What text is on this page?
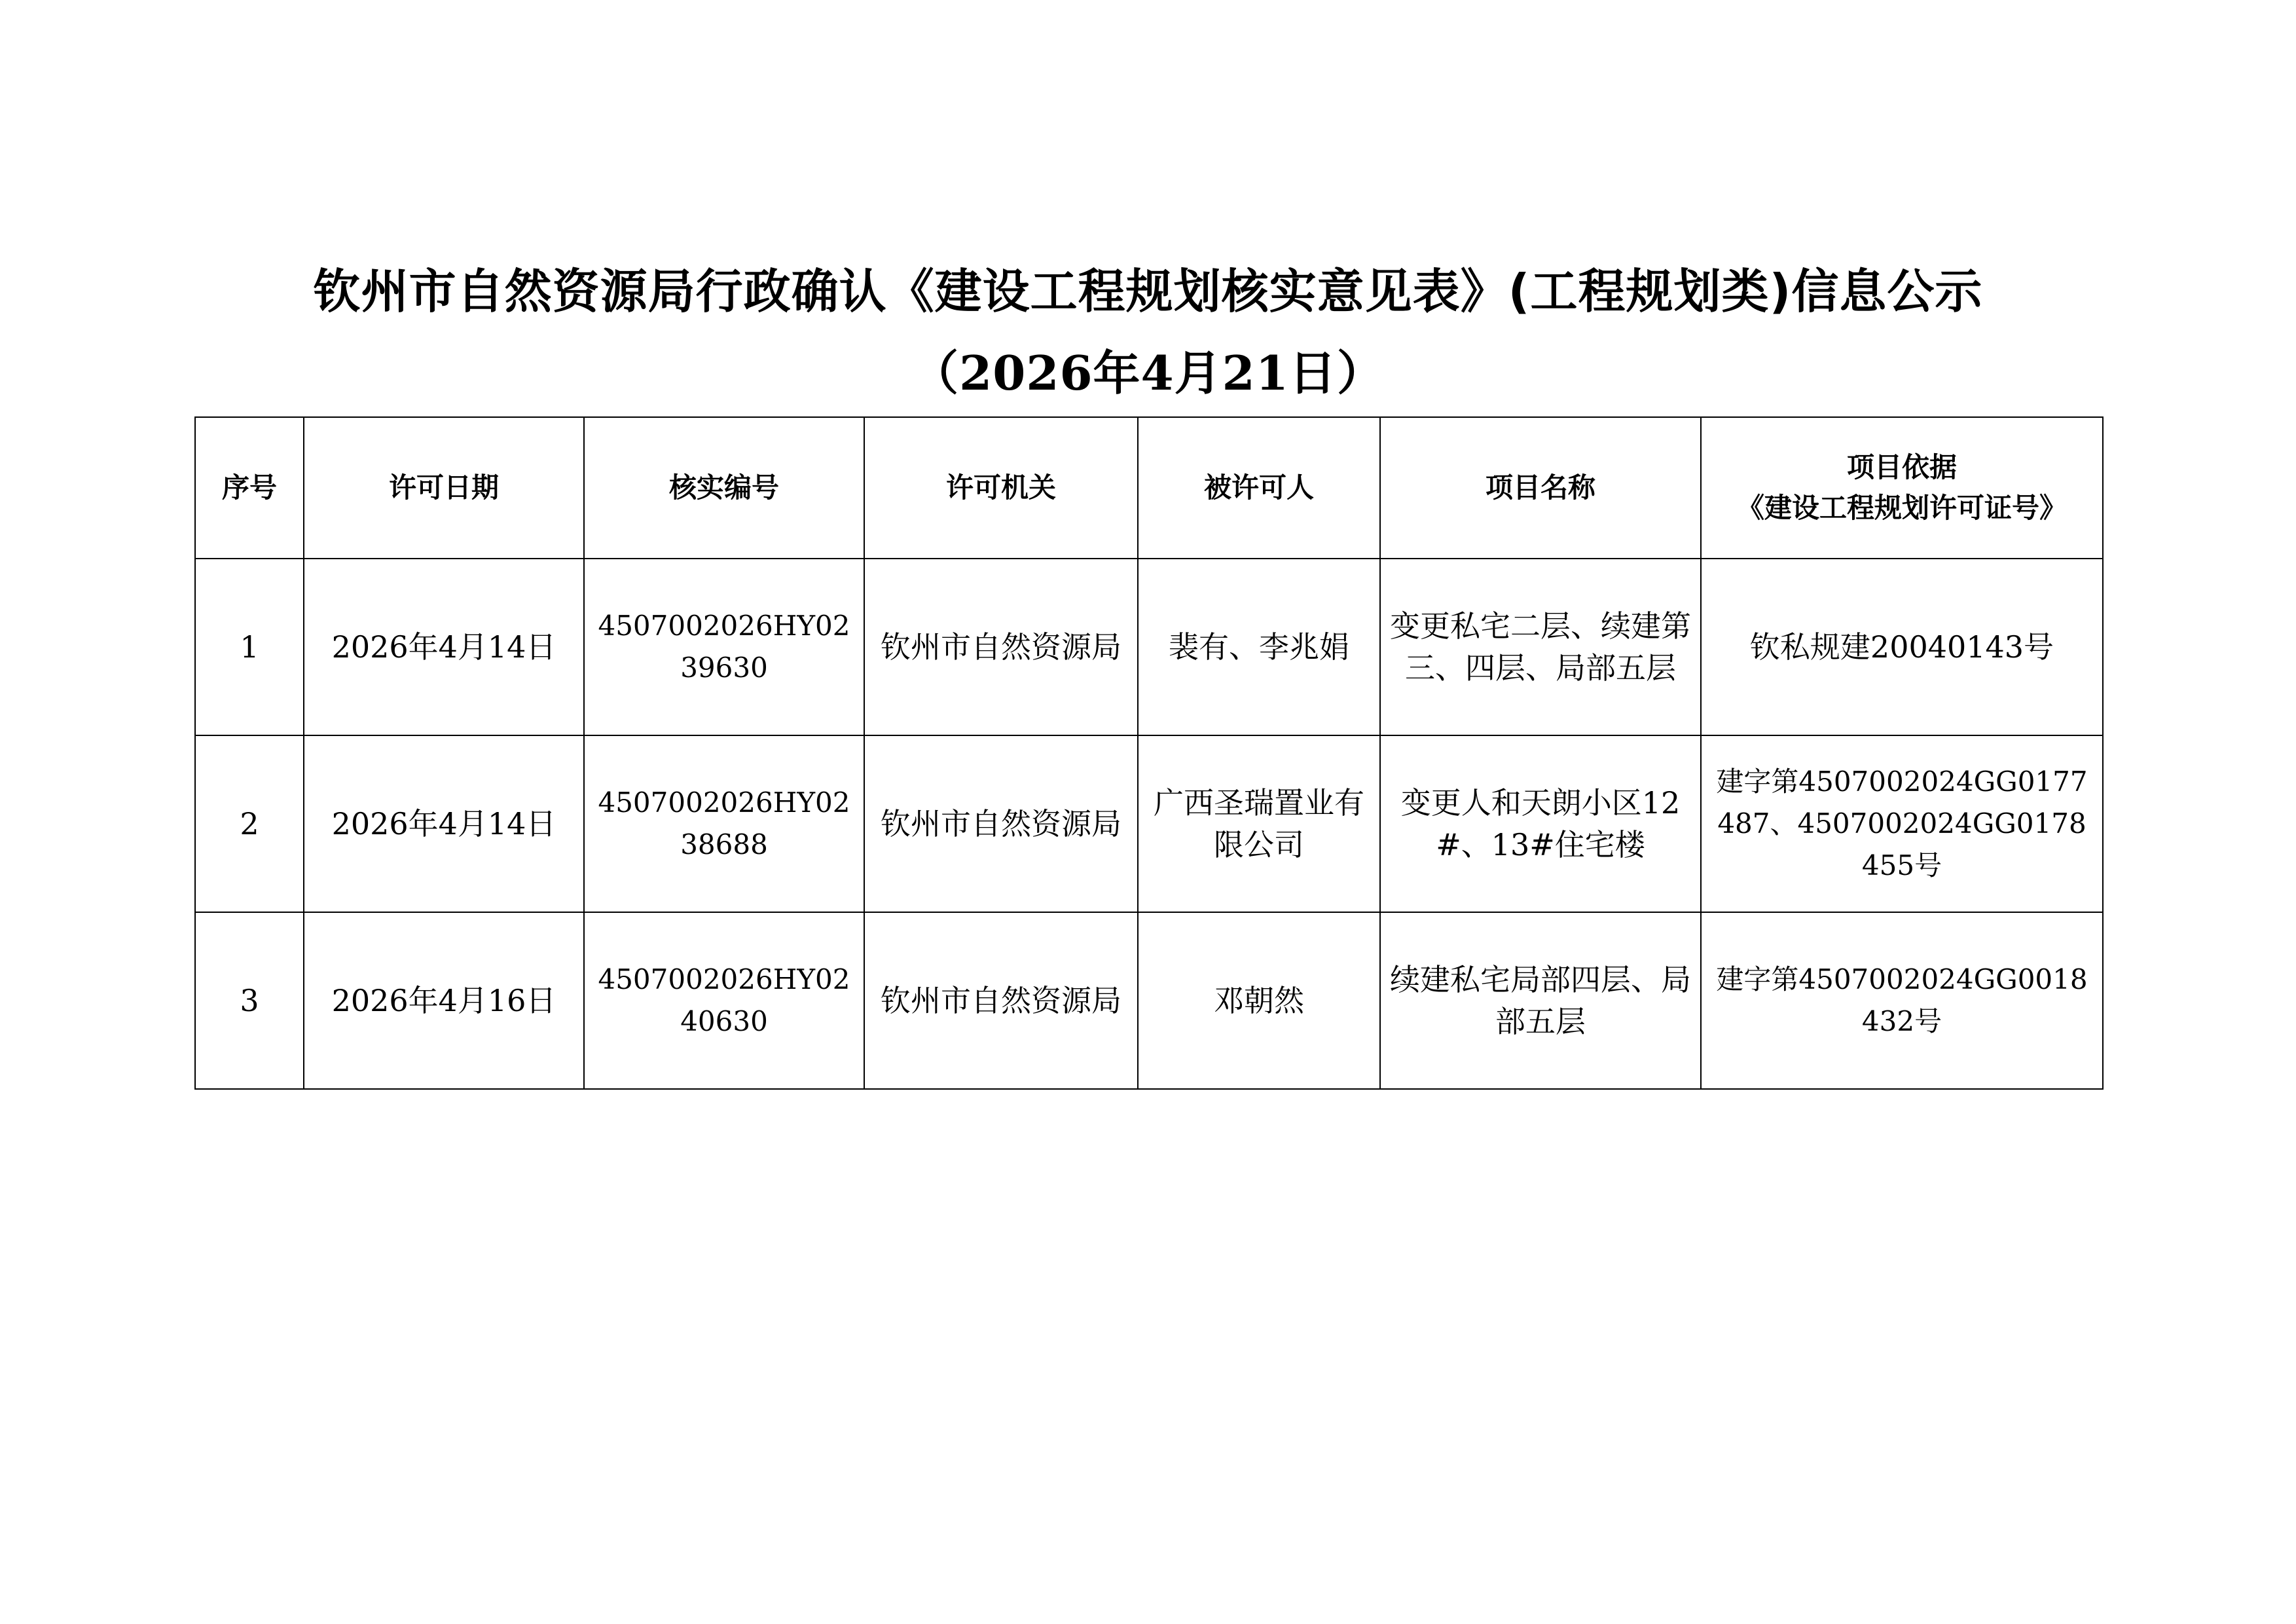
钦州市自然资源局行政确认《建设工程规划核实意见表》(工程规划类)信息公示
（2026年4月21日）
序号	许可日期	核实编号	许可机关	被许可人	项目名称	项目依据
《建设工程规划许可证号》

1	2026年4月14日	4507002026HY0239630	钦州市自然资源局	裴有、李兆娟	变更私宅二层、续建第三、四层、局部五层	钦私规建20040143号
2	2026年4月14日	4507002026HY0238688	钦州市自然资源局	广西圣瑞置业有限公司	变更人和天朗小区12#、13#住宅楼	建字第4507002024GG0177487、4507002024GG0178455号
3	2026年4月16日	4507002026HY0240630	钦州市自然资源局	邓朝然	续建私宅局部四层、局部五层	建字第4507002024GG0018432号
